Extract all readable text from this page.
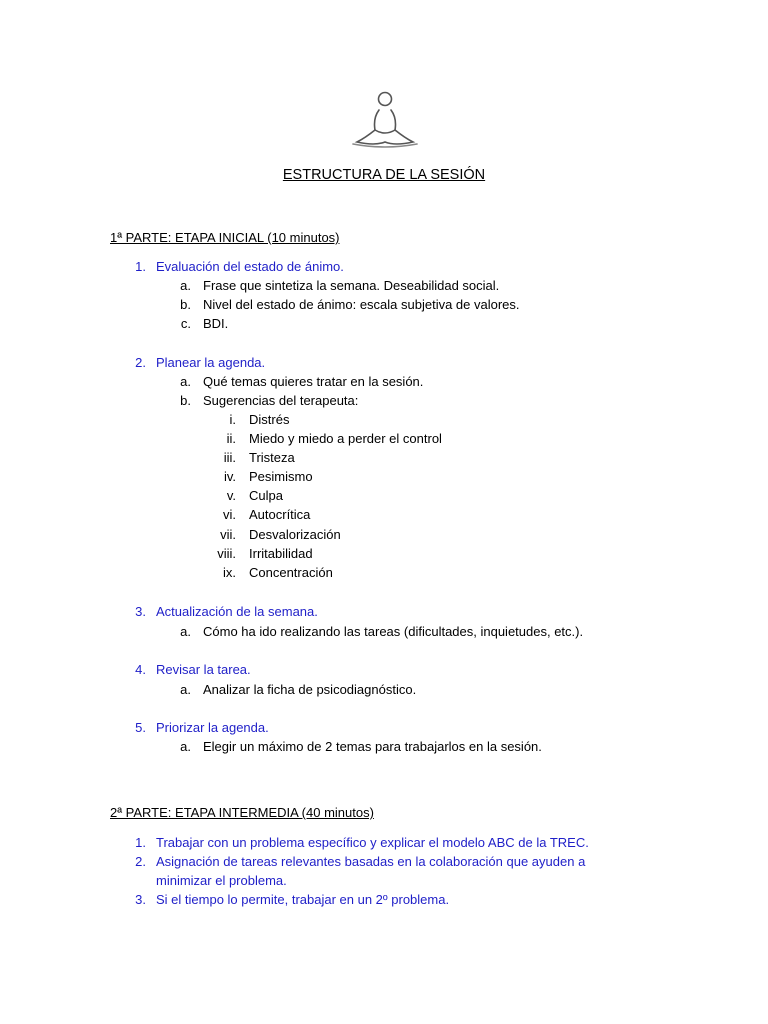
ESTRUCTURA DE LA SESIÓN
1ª PARTE: ETAPA INICIAL (10 minutos)
1. Evaluación del estado de ánimo.
a. Frase que sintetiza la semana. Deseabilidad social.
b. Nivel del estado de ánimo: escala subjetiva de valores.
c. BDI.
2. Planear la agenda.
a. Qué temas quieres tratar en la sesión.
b. Sugerencias del terapeuta:
i. Distrés
ii. Miedo y miedo a perder el control
iii. Tristeza
iv. Pesimismo
v. Culpa
vi. Autocrítica
vii. Desvalorización
viii. Irritabilidad
ix. Concentración
3. Actualización de la semana.
a. Cómo ha ido realizando las tareas (dificultades, inquietudes, etc.).
4. Revisar la tarea.
a. Analizar la ficha de psicodiagnóstico.
5. Priorizar la agenda.
a. Elegir un máximo de 2 temas para trabajarlos en la sesión.
2ª PARTE: ETAPA INTERMEDIA (40 minutos)
1. Trabajar con un problema específico y explicar el modelo ABC de la TREC.
2. Asignación de tareas relevantes basadas en la colaboración que ayuden a
minimizar el problema.
3. Si el tiempo lo permite, trabajar en un 2º problema.
